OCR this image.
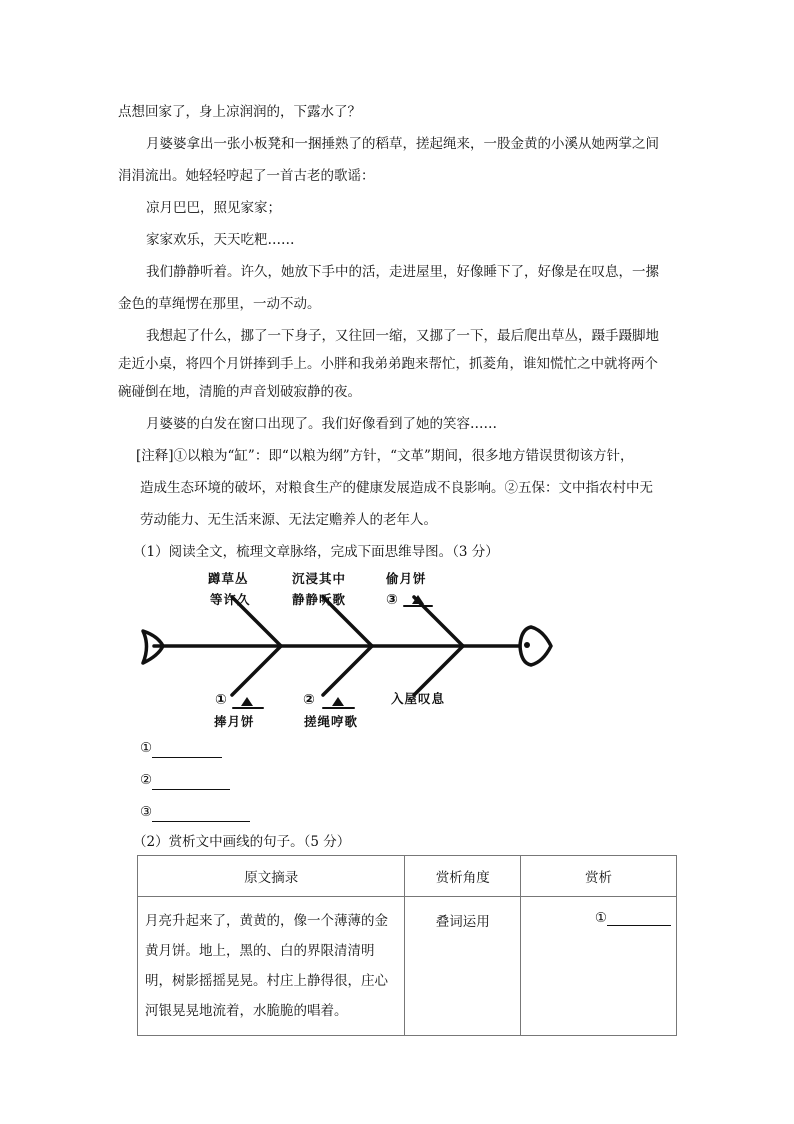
点想回家了，身上凉润润的，下露水了？
月婆婆拿出一张小板凳和一捆捶熟了的稻草，搓起绳来，一股金黄的小溪从她两掌之间
涓涓流出。她轻轻哼起了一首古老的歌谣：
凉月巴巴，照见家家；
家家欢乐，天天吃粑……
我们静静听着。许久，她放下手中的活，走进屋里，好像睡下了，好像是在叹息，一摞
金色的草绳愣在那里，一动不动。
我想起了什么，挪了一下身子，又往回一缩，又挪了一下，最后爬出草丛，蹑手蹑脚地
走近小桌，将四个月饼捧到手上。小胖和我弟弟跑来帮忙，抓菱角，谁知慌忙之中就将两个
碗碰倒在地，清脆的声音划破寂静的夜。
月婆婆的白发在窗口出现了。我们好像看到了她的笑容……
[注释]①以粮为“缸”：即“以粮为纲”方针，“文革”期间，很多地方错误贯彻该方针，
造成生态环境的破坏，对粮食生产的健康发展造成不良影响。②五保：文中指农村中无
劳动能力、无生活来源、无法定赡养人的老年人。
（1）阅读全文，梳理文章脉络，完成下面思维导图。（3 分）
蹲草丛
等许久
沉浸其中
静静听歌
偷月饼
③
①
捧月饼
②
搓绳哼歌
入屋叹息
①
②
③
（2）赏析文中画线的句子。（5 分）
原文摘录	赏析角度	赏析

月亮升起来了，黄黄的，像一个薄薄的金黄月饼。地上，黑的、白的界限清清明明，树影摇摇晃晃。村庄上静得很，庄心河银晃晃地流着，水脆脆的唱着。	叠词运用	①
